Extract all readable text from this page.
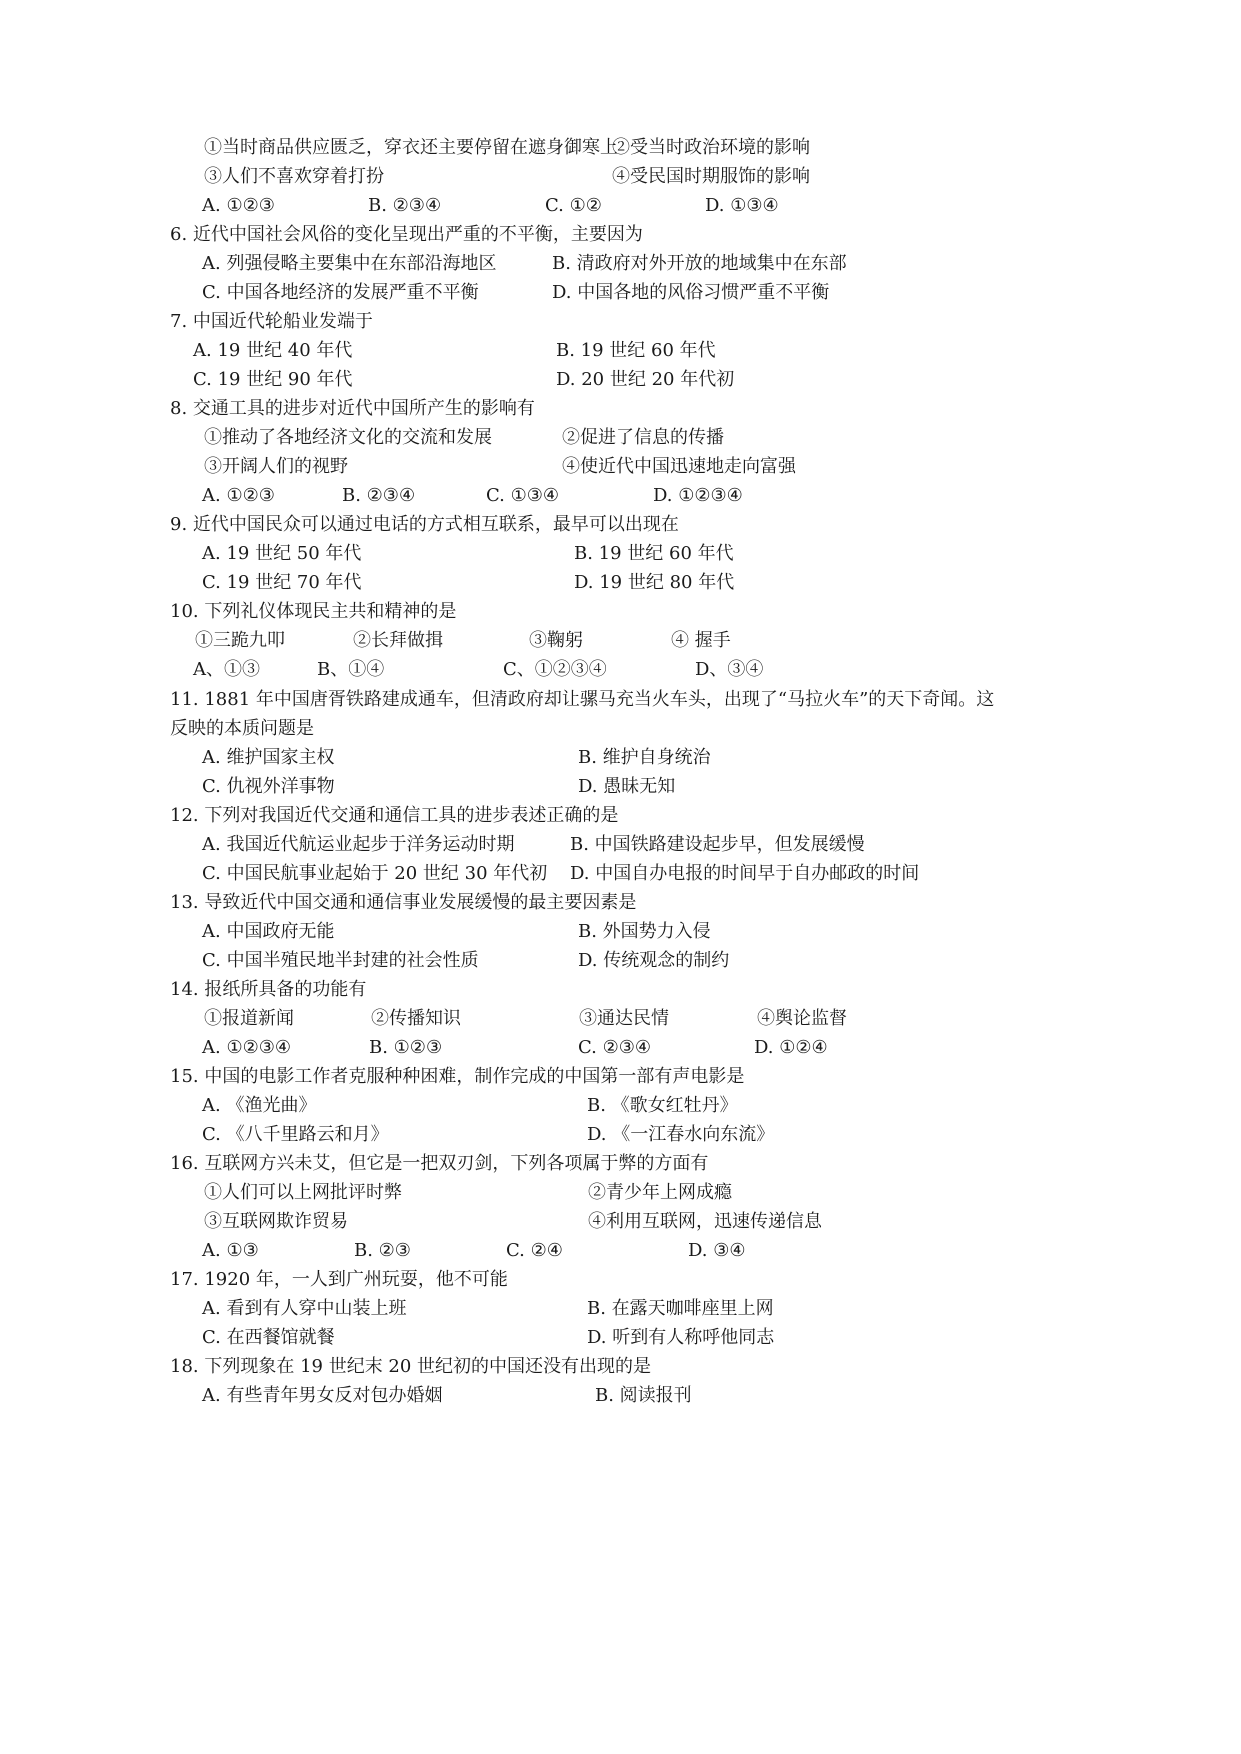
①当时商品供应匮乏，穿衣还主要停留在遮身御寒上
②受当时政治环境的影响
③人们不喜欢穿着打扮	④受民国时期服饰的影响
A. ①②③	B. ②③④	C. ①②	D. ①③④
6. 近代中国社会风俗的变化呈现出严重的不平衡，主要因为
A. 列强侵略主要集中在东部沿海地区	B. 清政府对外开放的地域集中在东部
C. 中国各地经济的发展严重不平衡	D. 中国各地的风俗习惯严重不平衡
7. 中国近代轮船业发端于
A. 19 世纪 40 年代	B. 19 世纪 60 年代
C. 19 世纪 90 年代	D. 20 世纪 20 年代初
8. 交通工具的进步对近代中国所产生的影响有
①推动了各地经济文化的交流和发展	②促进了信息的传播
③开阔人们的视野	④使近代中国迅速地走向富强
A. ①②③	B. ②③④	C. ①③④	D. ①②③④
9. 近代中国民众可以通过电话的方式相互联系，最早可以出现在
A. 19 世纪 50 年代	B. 19 世纪 60 年代
C. 19 世纪 70 年代	D. 19 世纪 80 年代
10. 下列礼仪体现民主共和精神的是
①三跪九叩	②长拜做揖	③鞠躬	④ 握手
A、①③	B、①④	C、①②③④	D、③④
11. 1881 年中国唐胥铁路建成通车，但清政府却让骡马充当火车头，出现了“马拉火车”的天下奇闻。这
反映的本质问题是
A. 维护国家主权	B. 维护自身统治
C. 仇视外洋事物	D. 愚昧无知
12. 下列对我国近代交通和通信工具的进步表述正确的是
A. 我国近代航运业起步于洋务运动时期	B. 中国铁路建设起步早，但发展缓慢
C. 中国民航事业起始于 20 世纪 30 年代初 D. 中国自办电报的时间早于自办邮政的时间
13. 导致近代中国交通和通信事业发展缓慢的最主要因素是
A. 中国政府无能	B. 外国势力入侵
C. 中国半殖民地半封建的社会性质	D. 传统观念的制约
14. 报纸所具备的功能有
①报道新闻	②传播知识	③通达民情	④舆论监督
A. ①②③④	B. ①②③	C. ②③④	D. ①②④
15. 中国的电影工作者克服种种困难，制作完成的中国第一部有声电影是
A. 《渔光曲》	B. 《歌女红牡丹》
C. 《八千里路云和月》	D. 《一江春水向东流》
16. 互联网方兴未艾，但它是一把双刃剑，下列各项属于弊的方面有
①人们可以上网批评时弊	②青少年上网成瘾
③互联网欺诈贸易	④利用互联网，迅速传递信息
A. ①③	B. ②③	C. ②④	D. ③④
17. 1920 年，一人到广州玩耍，他不可能
A. 看到有人穿中山装上班	B. 在露天咖啡座里上网
C. 在西餐馆就餐	D. 听到有人称呼他同志
18. 下列现象在 19 世纪末 20 世纪初的中国还没有出现的是
A. 有些青年男女反对包办婚姻	B. 阅读报刊
